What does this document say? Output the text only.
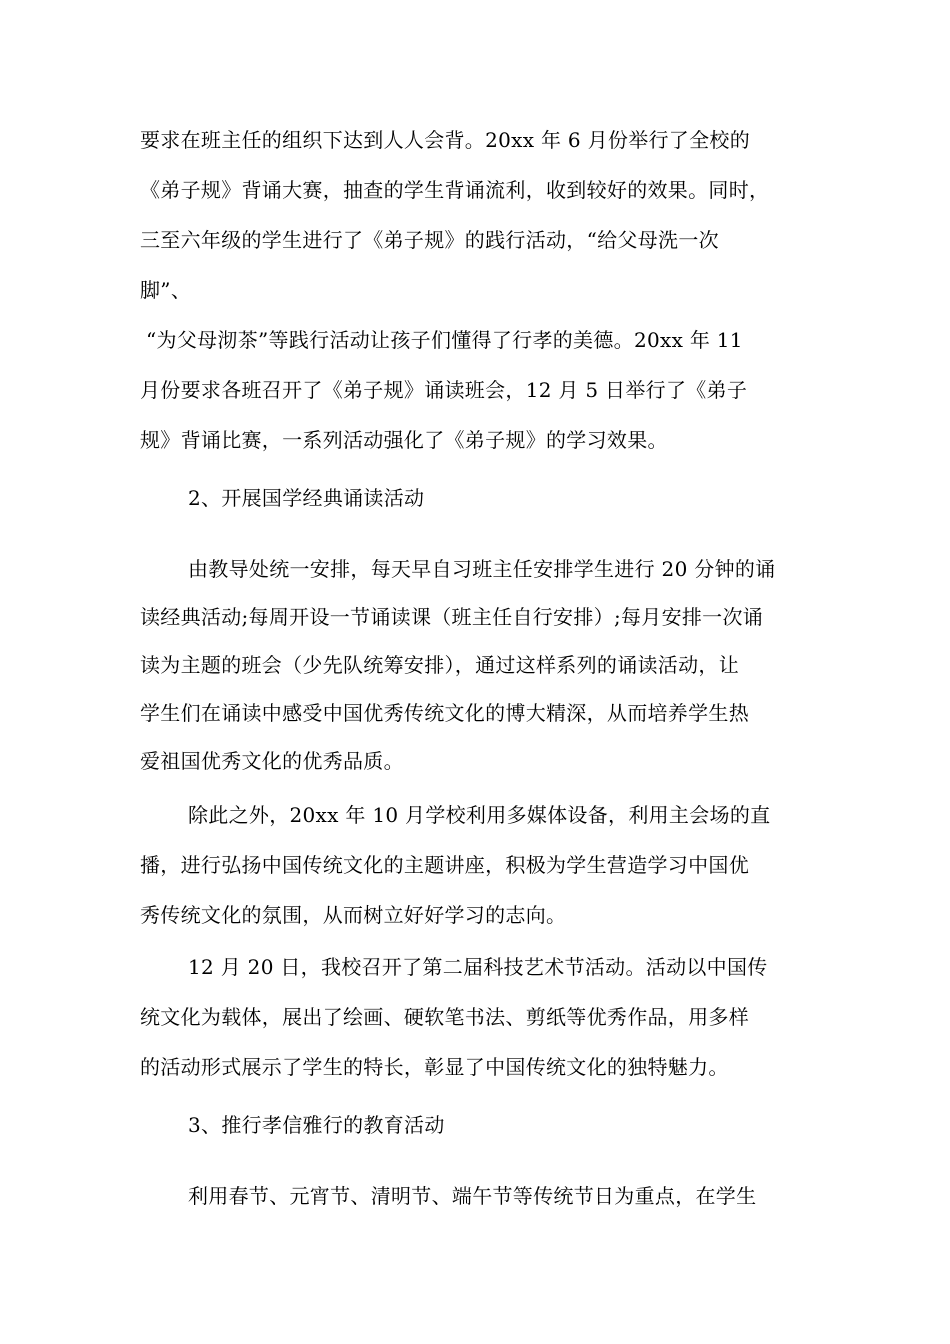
要求在班主任的组织下达到人人会背。20xx 年 6 月份举行了全校的
《弟子规》背诵大赛，抽查的学生背诵流利，收到较好的效果。同时，
三至六年级的学生进行了《弟子规》的践行活动，“给父母洗一次
脚”、
“为父母沏茶”等践行活动让孩子们懂得了行孝的美德。20xx 年 11
月份要求各班召开了《弟子规》诵读班会，12 月 5 日举行了《弟子
规》背诵比赛，一系列活动强化了《弟子规》的学习效果。
2、开展国学经典诵读活动
由教导处统一安排，每天早自习班主任安排学生进行 20 分钟的诵
读经典活动;每周开设一节诵读课（班主任自行安排）;每月安排一次诵
读为主题的班会（少先队统筹安排），通过这样系列的诵读活动，让
学生们在诵读中感受中国优秀传统文化的博大精深，从而培养学生热
爱祖国优秀文化的优秀品质。
除此之外，20xx 年 10 月学校利用多媒体设备，利用主会场的直
播，进行弘扬中国传统文化的主题讲座，积极为学生营造学习中国优
秀传统文化的氛围，从而树立好好学习的志向。
12 月 20 日，我校召开了第二届科技艺术节活动。活动以中国传
统文化为载体，展出了绘画、硬软笔书法、剪纸等优秀作品，用多样
的活动形式展示了学生的特长，彰显了中国传统文化的独特魅力。
3、推行孝信雅行的教育活动
利用春节、元宵节、清明节、端午节等传统节日为重点，在学生
